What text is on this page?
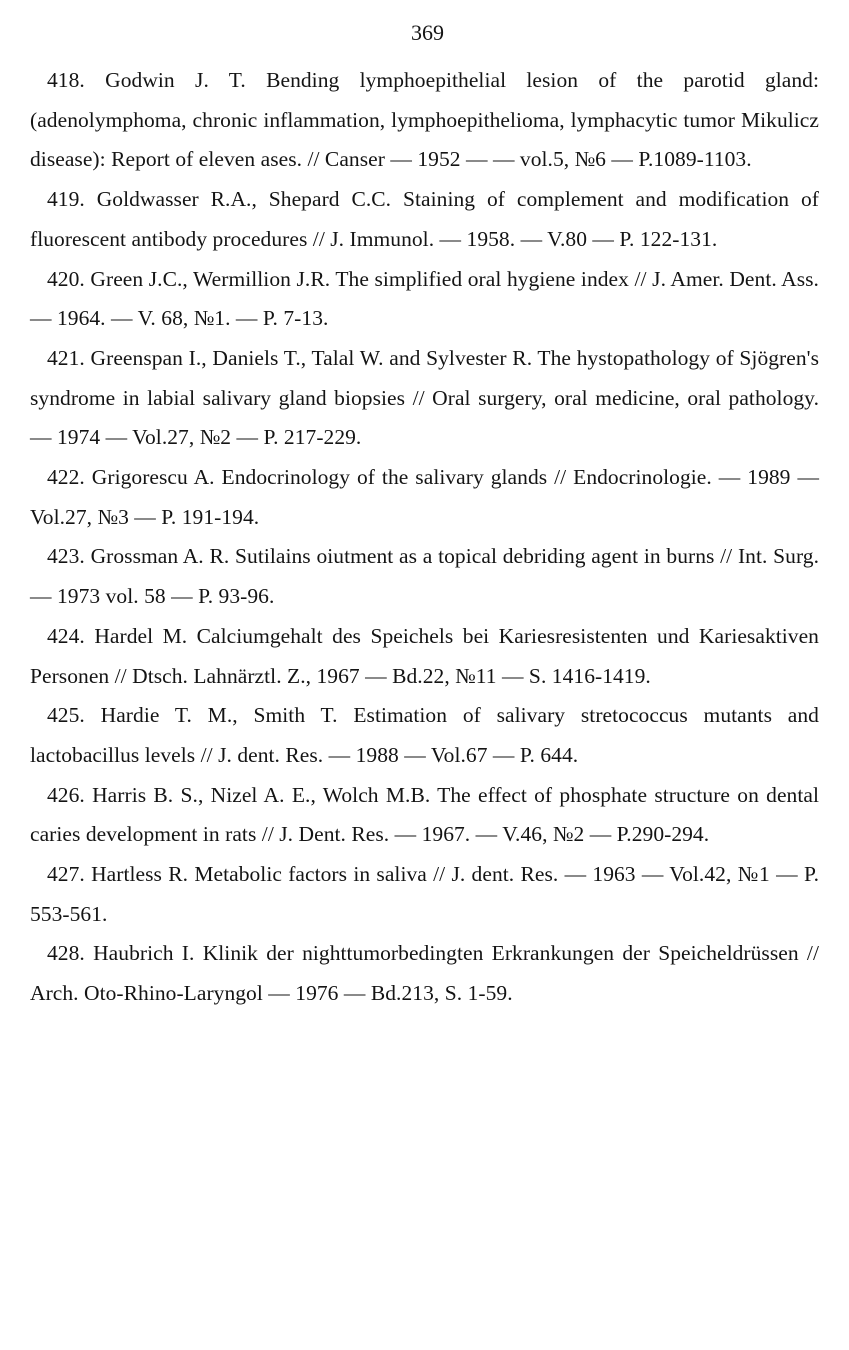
369
418. Godwin J. T. Bending lymphoepithelial lesion of the parotid gland: (adenolymphoma, chronic inflammation, lymphoepithelioma, lymphacytic tumor Mikulicz disease): Report of eleven ases. // Canser — 1952 — — vol.5, №6 — P.1089-1103.
419. Goldwasser R.A., Shepard C.C. Staining of complement and modification of fluorescent antibody procedures // J. Immunol. — 1958. — V.80 — P. 122-131.
420. Green J.C., Wermillion J.R. The simplified oral hygiene index // J. Amer. Dent. Ass. — 1964. — V. 68, №1. — P. 7-13.
421. Greenspan I., Daniels T., Talal W. and Sylvester R. The hystopathology of Sjögren's syndrome in labial salivary gland biopsies // Oral surgery, oral medicine, oral pathology. — 1974 — Vol.27, №2 — P. 217-229.
422. Grigorescu A. Endocrinology of the salivary glands // Endocrinologie. — 1989 — Vol.27, №3 — P. 191-194.
423. Grossman A. R. Sutilains oiutment as a topical debriding agent in burns // Int. Surg. — 1973 vol. 58 — P. 93-96.
424. Hardel M. Calciumgehalt des Speichels bei Kariesresistenten und Kariesaktiven Personen // Dtsch. Lahnärztl. Z., 1967 — Bd.22, №11 — S. 1416-1419.
425. Hardie T. M., Smith T. Estimation of salivary stretococcus mutants and lactobacillus levels // J. dent. Res. — 1988 — Vol.67 — P. 644.
426. Harris B. S., Nizel A. E., Wolch M.B. The effect of phosphate structure on dental caries development in rats // J. Dent. Res. — 1967. — V.46, №2 — P.290-294.
427. Hartless R. Metabolic factors in saliva // J. dent. Res. — 1963 — Vol.42, №1 — P. 553-561.
428. Haubrich I. Klinik der nighttumorbedingten Erkrankungen der Speicheldrüssen // Arch. Oto-Rhino-Laryngol — 1976 — Bd.213, S. 1-59.
